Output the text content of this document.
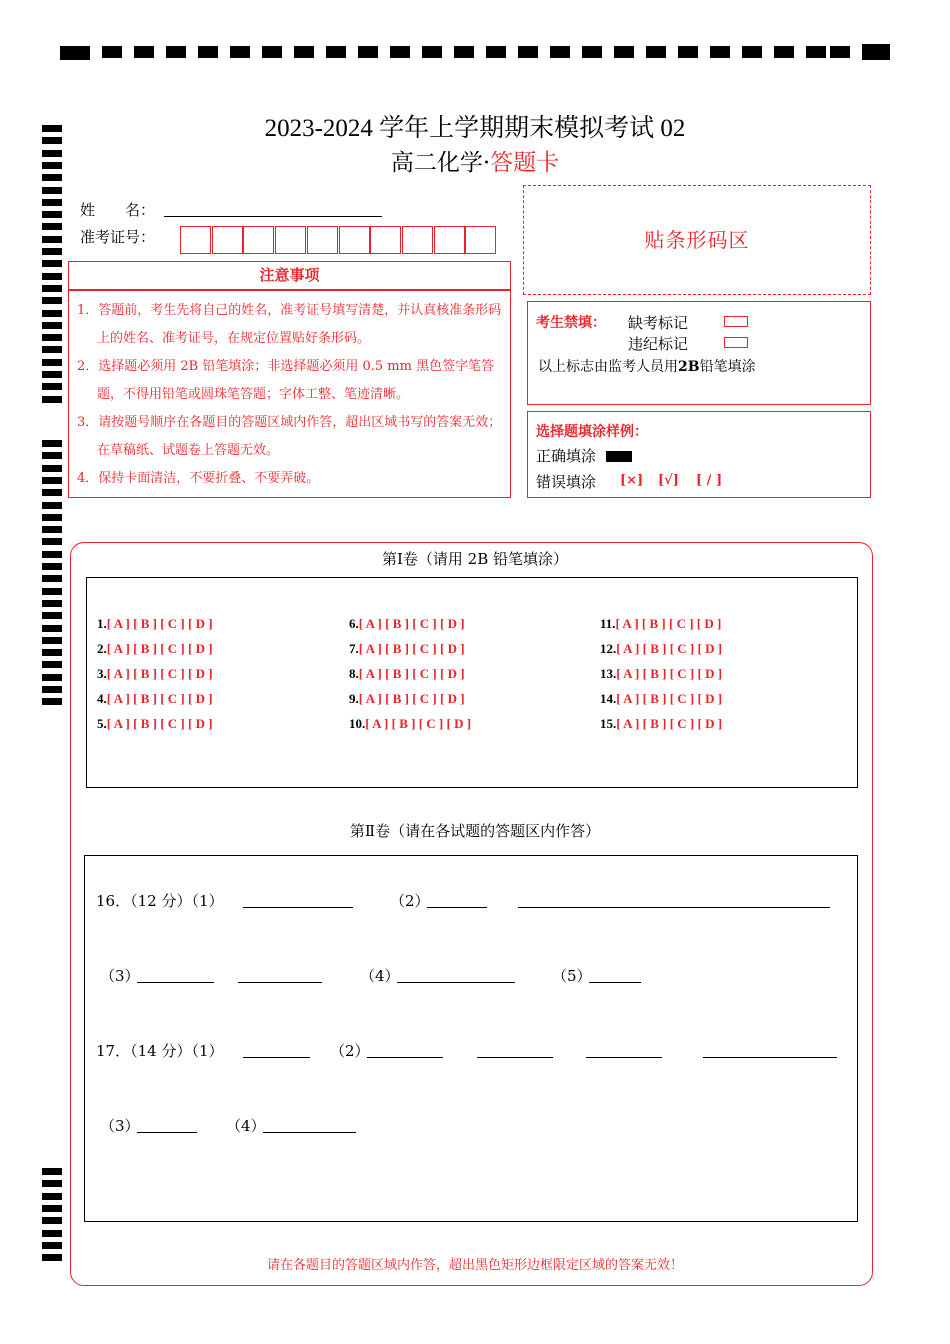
2023-2024 学年上学期期末模拟考试 02
高二化学·答题卡
姓　　名：
准考证号：	贴条形码区
注意事项
1．答题前，考生先将自己的姓名，准考证号填写清楚，并认真核准条形码上的姓名、准考证号，在规定位置贴好条形码。
2．选择题必须用 2B 铅笔填涂；非选择题必须用 0.5 mm 黑色签字笔答题，不得用铅笔或圆珠笔答题；字体工整、笔迹清晰。
3．请按题号顺序在各题目的答题区域内作答，超出区域书写的答案无效；在草稿纸、试题卷上答题无效。
4．保持卡面清洁，不要折叠、不要弄破。
考生禁填： 缺考标记
违纪标记
以上标志由监考人员用2B铅笔填涂
选择题填涂样例：
正确填涂
错误填涂 [×] [√] [ / ]
第Ⅰ卷（请用 2B 铅笔填涂）
1.[ A ] [ B ] [ C ] [ D ]
2.[ A ] [ B ] [ C ] [ D ]
3.[ A ] [ B ] [ C ] [ D ]
4.[ A ] [ B ] [ C ] [ D ]
5.[ A ] [ B ] [ C ] [ D ]
6.[ A ] [ B ] [ C ] [ D ]
7.[ A ] [ B ] [ C ] [ D ]
8.[ A ] [ B ] [ C ] [ D ]
9.[ A ] [ B ] [ C ] [ D ]
10.[ A ] [ B ] [ C ] [ D ]
11.[ A ] [ B ] [ C ] [ D ]
12.[ A ] [ B ] [ C ] [ D ]
13.[ A ] [ B ] [ C ] [ D ]
14.[ A ] [ B ] [ C ] [ D ]
15.[ A ] [ B ] [ C ] [ D ]
第Ⅱ卷（请在各试题的答题区内作答）
16．（12 分）（1）	（2）
（3）	（4）	（5）
17．（14 分）（1）	（2）
（3）	（4）
请在各题目的答题区域内作答，超出黑色矩形边框限定区域的答案无效！
